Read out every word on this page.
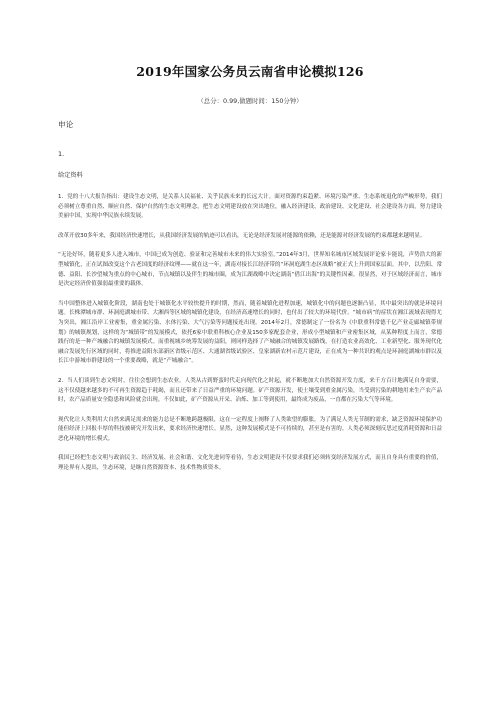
2019年国家公务员云南省申论模拟126
（总分：0.99,做题时间：150分钟）
申论
1.
给定资料

1．党的十八大报告指出：建设生态文明，是关系人民福祉、关乎民族未来的长远大计。面对资源约束趋紧、环境污染严重、生态系统退化的严峻形势，我们必须树立尊重自然、顺应自然、保护自然的生态文明理念，把生态文明建设放在突出地位，融入经济建设、政治建设、文化建设、社会建设各方面，努力建设美丽中国，实现中华民族永续发展。

改革开放30多年来，我国经济快速增长，从我国经济发展的轨迹可以看出，无论是经济发展对能源的依赖，还是能源对经济发展的约束都越来越明显。

“无论好坏，随着更多人进入城市，中国已成为创造、验证和完善城市未来的伟大实验室。”2014年3月，世界知名城市区域发展评论家卡能说，声势浩大的新型城镇化，正在试图改变这个古老国度的经济纹理——就在这一年，湖南对接长江经济带的“环洞庭湖生态区战略”被正式上升到国家层面。其中，以岳阳、常德、益阳、长沙望城为重点的中心城市，节点城镇以及伴生的城市圈，成为江湖战略中决定湖南“借江出海”的关键性因素。很显然，对于区域经济而言，城市是决定经济价值强弱最重要的载体。

当中国整体进入城镇化阶段，湖南也处于城镇化水平较快提升的时期，然而，随着城镇化进程加速，城镇化中的问题也逐渐凸显，其中最突出的就是环境问题。长株潭城市群、环洞庭湖城市带、大湘西等区域的城镇化建设，在经济高速增长的同时，也付出了较大的环境代价。“城市病”的症状在湘江流域表现得尤为突出，湘江沿岸工业密集，重金属污染、水体污染、大气污染等问题接连出现。2014年2月，常德制定了一份名为《中联重科常德千亿产业走廊城镇带规划》的城镇规划，这样的为“城镇带”的发展模式，依托6家中联重科核心企业及150多家配套企业，形成小型城镇和产业密集区域，从某种程度上而言，常德践行的是一种产城融合的城镇发展模式。而重视城乡统筹发展的益阳，则同样选择了产城融合的城镇发展路线，在打造农业高效化、工业新型化、服务现代化融合发展先行区域的同时，将推进益阳东部新区省级示范区、大通湖省级试验区、皇家湖新农村示范片建设，正在成为一种共识的观点是环洞庭湖城市群以及长江中游城市群建设的一个重要战略，就是“产城融合”。

2．当人们谈到生态文明时，往往会想到生态农业。人类从古到野蛮时代走向现代化之时起，就不断地加大自然资源开发力度，来千方百计地满足自身需要，这不仅使越来越多的不可再生资源趋于耗竭，而且还带来了日益严重的环境问题。矿产资源开发，使土壤受到重金属污染，当受到污染的耕地用来生产农产品时，农产品质量安全隐患和风险就会出现。不仅如此，矿产资源从开采、冶炼、加工等到使用，最终成为废品，一直都在污染大气等环境。

现代化让人类利用大自然来满足需求的能力总是不断地跨越极限，这在一定程度上阐释了人类欲望的膨胀。为了满足人类无节制的需求，缺乏资源环境保护功能但经济上回报丰厚的科技被研究开发出来，要求经济快速增长。显然，这种发展模式是不可持续的，甚至是有害的。人类必须深刻反思过度消耗资源和日益恶化环境的增长模式。

我国已经把生态文明与政治民主、经济发展、社会和谐、文化先进同等看待，生态文明建设不仅要求我们必须转变经济发展方式，而且自身具有重要的价值，理论界有人提出，生态环境，是继自然资源资本、技术性物质资本。
